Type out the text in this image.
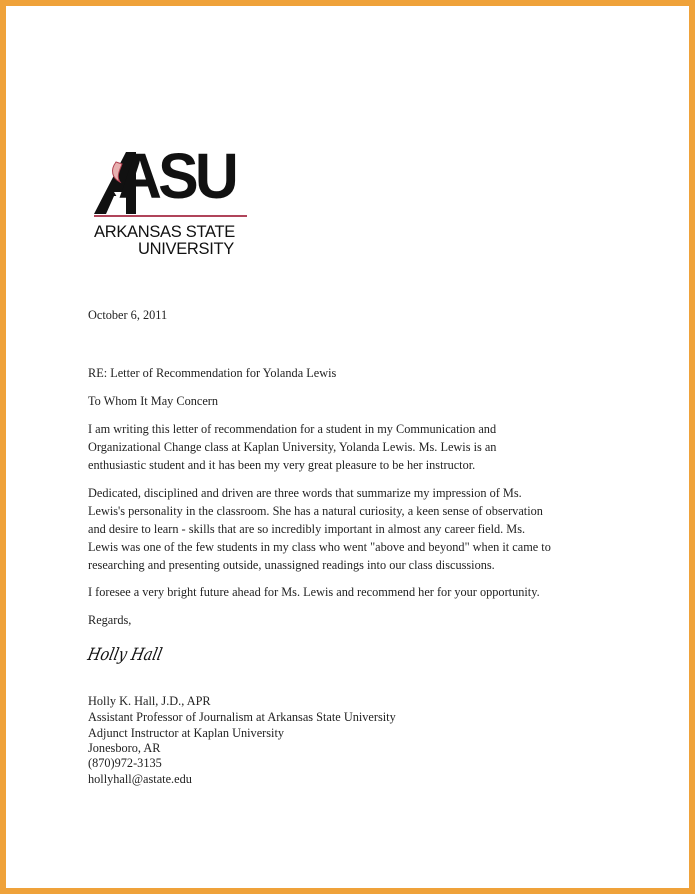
ASU
ARKANSAS STATE
UNIVERSITY
October 6, 2011
RE: Letter of Recommendation for Yolanda Lewis
To Whom It May Concern
I am writing this letter of recommendation for a student in my Communication and
Organizational Change class at Kaplan University, Yolanda Lewis. Ms. Lewis is an
enthusiastic student and it has been my very great pleasure to be her instructor.
Dedicated, disciplined and driven are three words that summarize my impression of Ms.
Lewis's personality in the classroom. She has a natural curiosity, a keen sense of observation
and desire to learn - skills that are so incredibly important in almost any career field. Ms.
Lewis was one of the few students in my class who went "above and beyond" when it came to
researching and presenting outside, unassigned readings into our class discussions.
I foresee a very bright future ahead for Ms. Lewis and recommend her for your opportunity.
Regards,
Holly Hall
Holly K. Hall, J.D., APR
Assistant Professor of Journalism at Arkansas State University
Adjunct Instructor at Kaplan University
Jonesboro, AR
(870)972-3135
hollyhall@astate.edu
